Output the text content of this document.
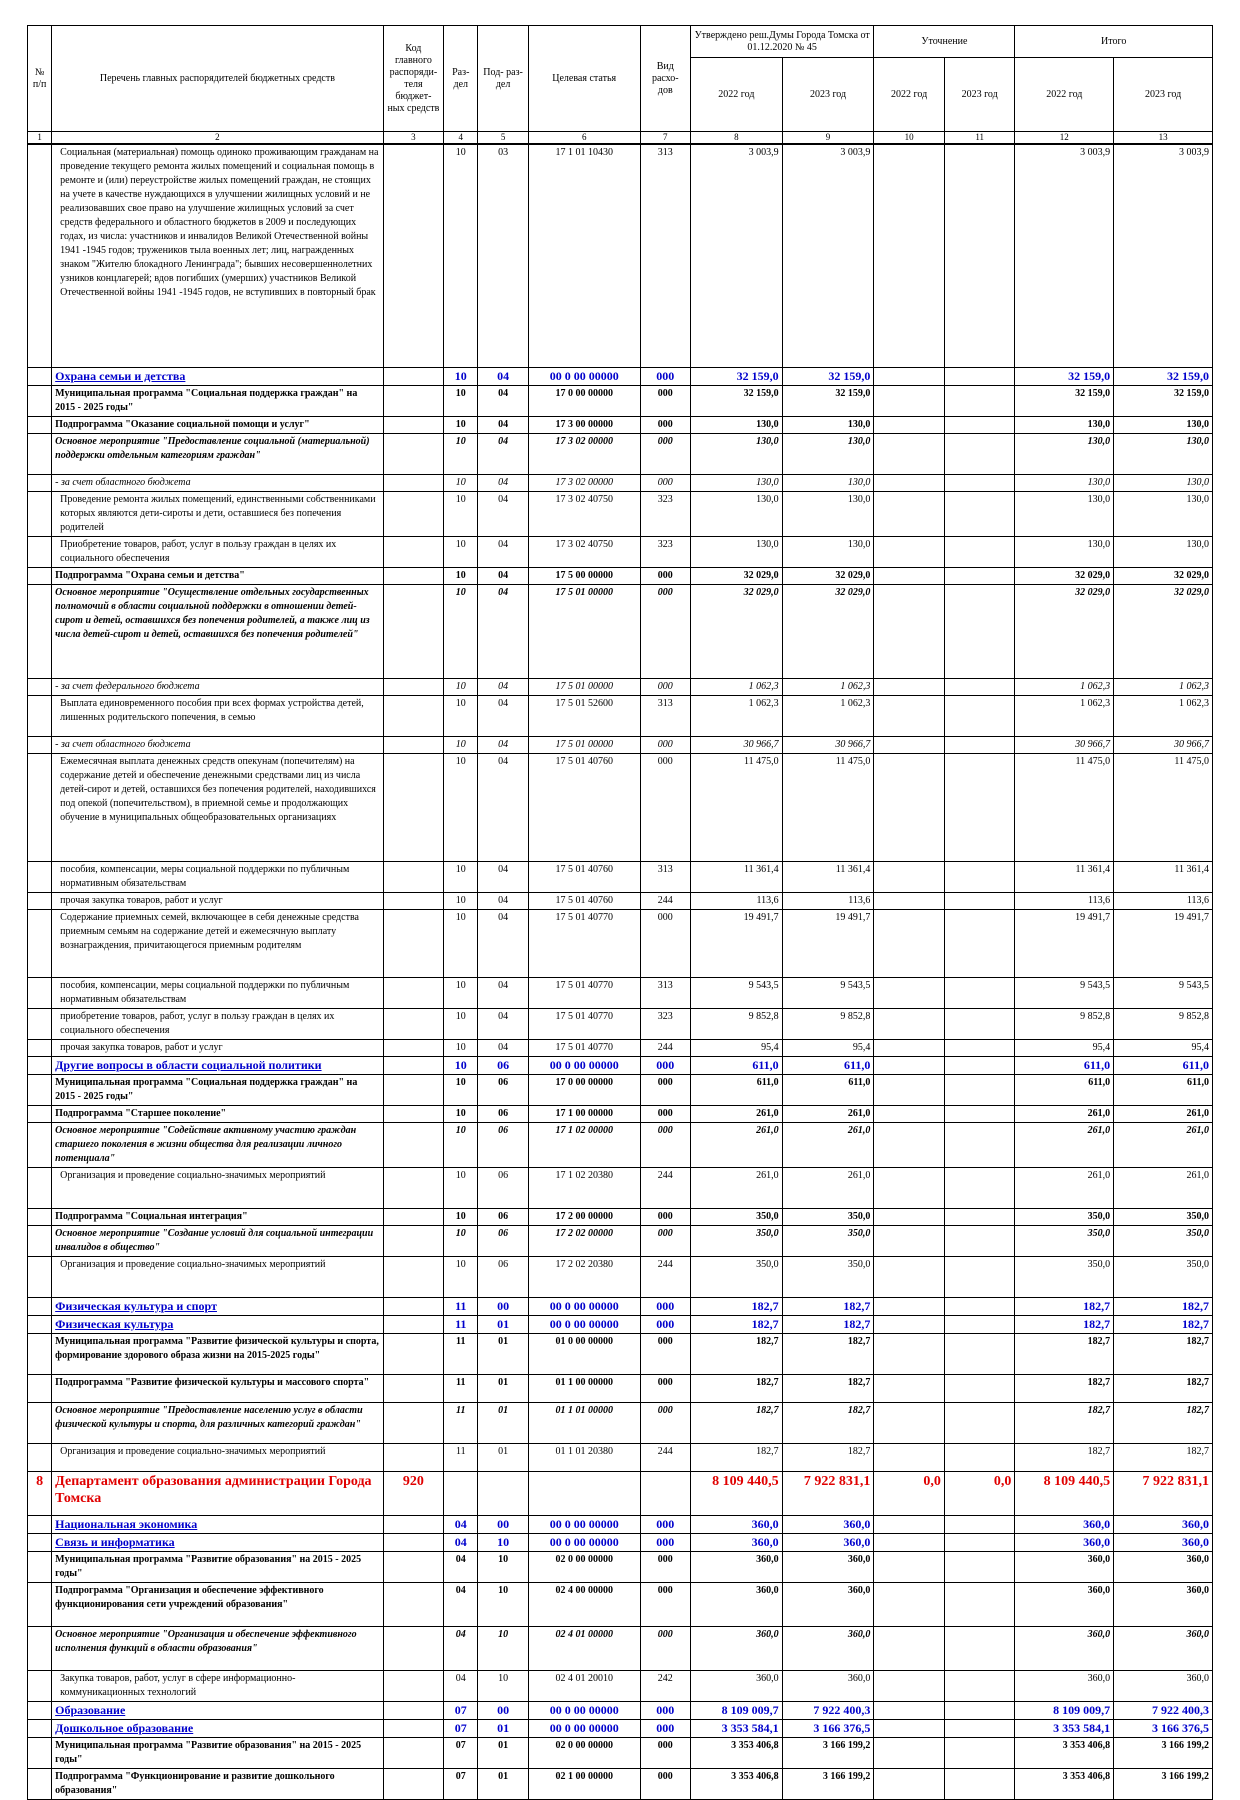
№ п/п	Перечень главных распорядителей бюджетных средств	Код главного распоряди- теля бюджет- ных средств	Раз- дел	Под- раз- дел	Целевая статья	Вид расхо- дов	Утверждено реш.Думы Города Томска от 01.12.2020 № 45		Уточнение		Итого	
							2022 год	2023 год	2022 год	2023 год	2022 год	2023 год
1	2	3	4	5	6	7	8	9	10	11	12	13
	Социальная (материальная) помощь одиноко проживающим гражданам на проведение текущего ремонта жилых помещений и социальная помощь в ремонте и (или) переустройстве жилых помещений граждан, не стоящих на учете в качестве нуждающихся в улучшении жилищных условий и не реализовавших свое право на улучшение жилищных условий за счет средств федерального и областного бюджетов в 2009 и последующих годах, из числа: участников и инвалидов Великой Отечественной войны 1941 -1945 годов; тружеников тыла военных лет; лиц, награжденных знаком "Жителю блокадного Ленинграда"; бывших несовершеннолетних узников концлагерей; вдов погибших (умерших) участников Великой Отечественной войны 1941 -1945 годов, не вступивших в повторный брак		10	03	17 1 01 10430	313	3 003,9	3 003,9			3 003,9	3 003,9
	Охрана семьи и детства		10	04	00 0 00 00000	000	32 159,0	32 159,0			32 159,0	32 159,0
	Муниципальная программа "Социальная поддержка граждан" на 2015 - 2025 годы"		10	04	17 0 00 00000	000	32 159,0	32 159,0			32 159,0	32 159,0
	Подпрограмма "Оказание социальной помощи и услуг"		10	04	17 3 00 00000	000	130,0	130,0			130,0	130,0
	Основное мероприятие "Предоставление социальной (материальной) поддержки отдельным категориям граждан"		10	04	17 3 02 00000	000	130,0	130,0			130,0	130,0
	- за счет областного бюджета		10	04	17 3 02 00000	000	130,0	130,0			130,0	130,0
	Проведение ремонта жилых помещений, единственными собственниками которых являются дети-сироты и дети, оставшиеся без попечения родителей		10	04	17 3 02 40750	323	130,0	130,0			130,0	130,0
	Приобретение товаров, работ, услуг в пользу граждан в целях их социального обеспечения		10	04	17 3 02 40750	323	130,0	130,0			130,0	130,0
	Подпрограмма "Охрана семьи и детства"		10	04	17 5 00 00000	000	32 029,0	32 029,0			32 029,0	32 029,0
	Основное мероприятие "Осуществление отдельных государственных полномочий в области социальной поддержки в отношении детей-сирот и детей, оставшихся без попечения родителей, а также лиц из числа детей-сирот и детей, оставшихся без попечения родителей"		10	04	17 5 01 00000	000	32 029,0	32 029,0			32 029,0	32 029,0
	- за счет федерального бюджета		10	04	17 5 01 00000	000	1 062,3	1 062,3			1 062,3	1 062,3
	Выплата единовременного пособия при всех формах устройства детей, лишенных родительского попечения, в семью		10	04	17 5 01 52600	313	1 062,3	1 062,3			1 062,3	1 062,3
	- за счет областного бюджета		10	04	17 5 01 00000	000	30 966,7	30 966,7			30 966,7	30 966,7
	Ежемесячная выплата денежных средств опекунам (попечителям) на содержание детей и обеспечение денежными средствами лиц из числа детей-сирот и детей, оставшихся без попечения родителей, находившихся под опекой (попечительством), в приемной семье и продолжающих обучение в муниципальных общеобразовательных организациях		10	04	17 5 01 40760	000	11 475,0	11 475,0			11 475,0	11 475,0
	пособия, компенсации, меры социальной поддержки по публичным нормативным обязательствам		10	04	17 5 01 40760	313	11 361,4	11 361,4			11 361,4	11 361,4
	прочая закупка товаров, работ и услуг		10	04	17 5 01 40760	244	113,6	113,6			113,6	113,6
	Содержание приемных семей, включающее в себя денежные средства приемным семьям на содержание детей и ежемесячную выплату вознаграждения, причитающегося приемным родителям		10	04	17 5 01 40770	000	19 491,7	19 491,7			19 491,7	19 491,7
	пособия, компенсации, меры социальной поддержки по публичным нормативным обязательствам		10	04	17 5 01 40770	313	9 543,5	9 543,5			9 543,5	9 543,5
	приобретение товаров, работ, услуг в пользу граждан в целях их социального обеспечения		10	04	17 5 01 40770	323	9 852,8	9 852,8			9 852,8	9 852,8
	прочая закупка товаров, работ и услуг		10	04	17 5 01 40770	244	95,4	95,4			95,4	95,4
	Другие вопросы в области социальной политики		10	06	00 0 00 00000	000	611,0	611,0			611,0	611,0
	Муниципальная программа "Социальная поддержка граждан" на 2015 - 2025 годы"		10	06	17 0 00 00000	000	611,0	611,0			611,0	611,0
	Подпрограмма "Старшее поколение"		10	06	17 1 00 00000	000	261,0	261,0			261,0	261,0
	Основное мероприятие "Содействие активному участию граждан старшего поколения в жизни общества для реализации личного потенциала"		10	06	17 1 02 00000	000	261,0	261,0			261,0	261,0
	Организация и проведение социально-значимых мероприятий		10	06	17 1 02 20380	244	261,0	261,0			261,0	261,0
	Подпрограмма "Социальная интеграция"		10	06	17 2 00 00000	000	350,0	350,0			350,0	350,0
	Основное мероприятие "Создание условий для социальной интеграции инвалидов в общество"		10	06	17 2 02 00000	000	350,0	350,0			350,0	350,0
	Организация и проведение социально-значимых мероприятий		10	06	17 2 02 20380	244	350,0	350,0			350,0	350,0
	Физическая культура и спорт		11	00	00 0 00 00000	000	182,7	182,7			182,7	182,7
	Физическая культура		11	01	00 0 00 00000	000	182,7	182,7			182,7	182,7
	Муниципальная программа "Развитие физической культуры и спорта, формирование здорового образа жизни на 2015-2025 годы"		11	01	01 0 00 00000	000	182,7	182,7			182,7	182,7
	Подпрограмма "Развитие физической культуры и массового спорта"		11	01	01 1 00 00000	000	182,7	182,7			182,7	182,7
	Основное мероприятие "Предоставление населению услуг в области физической культуры и спорта, для различных категорий граждан"		11	01	01 1 01 00000	000	182,7	182,7			182,7	182,7
	Организация и проведение социально-значимых мероприятий		11	01	01 1 01 20380	244	182,7	182,7			182,7	182,7
8	Департамент образования администрации Города Томска	920					8 109 440,5	7 922 831,1	0,0	0,0	8 109 440,5	7 922 831,1
	Национальная экономика		04	00	00 0 00 00000	000	360,0	360,0			360,0	360,0
	Связь и информатика		04	10	00 0 00 00000	000	360,0	360,0			360,0	360,0
	Муниципальная программа "Развитие образования" на 2015 - 2025 годы"		04	10	02 0 00 00000	000	360,0	360,0			360,0	360,0
	Подпрограмма "Организация и обеспечение эффективного функционирования сети учреждений образования"		04	10	02 4 00 00000	000	360,0	360,0			360,0	360,0
	Основное мероприятие "Организация и обеспечение эффективного исполнения функций в области образования"		04	10	02 4 01 00000	000	360,0	360,0			360,0	360,0
	Закупка товаров, работ, услуг в сфере информационно-коммуникационных технологий		04	10	02 4 01 20010	242	360,0	360,0			360,0	360,0
	Образование		07	00	00 0 00 00000	000	8 109 009,7	7 922 400,3			8 109 009,7	7 922 400,3
	Дошкольное образование		07	01	00 0 00 00000	000	3 353 584,1	3 166 376,5			3 353 584,1	3 166 376,5
	Муниципальная программа "Развитие образования" на 2015 - 2025 годы"		07	01	02 0 00 00000	000	3 353 406,8	3 166 199,2			3 353 406,8	3 166 199,2
	Подпрограмма "Функционирование и развитие дошкольного образования"		07	01	02 1 00 00000	000	3 353 406,8	3 166 199,2			3 353 406,8	3 166 199,2
